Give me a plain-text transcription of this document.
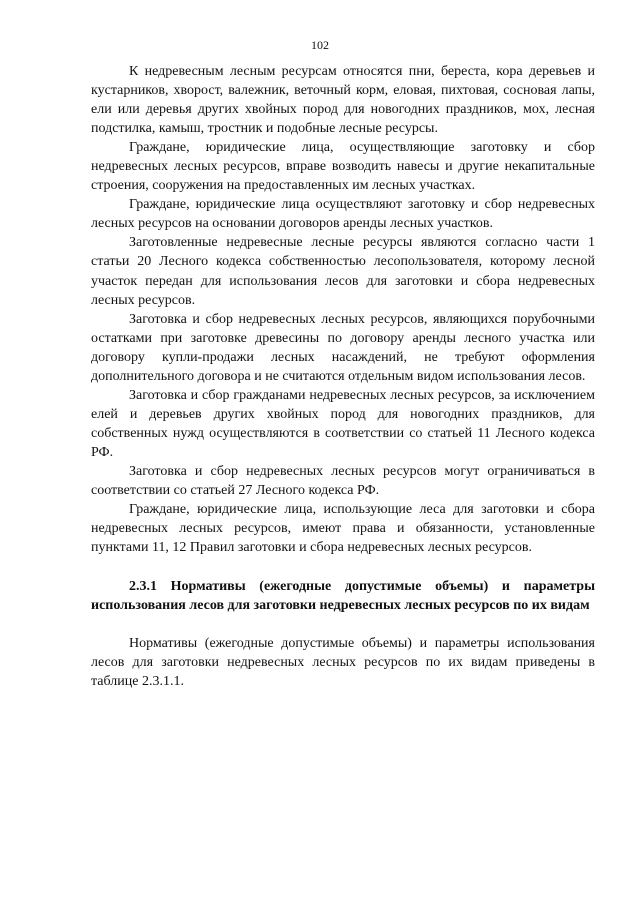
102

К недревесным лесным ресурсам относятся пни, береста, кора деревьев и кустарников, хворост, валежник, веточный корм, еловая, пихтовая, сосновая лапы, ели или деревья других хвойных пород для новогодних праздников, мох, лесная подстилка, камыш, тростник и подобные лесные ресурсы.

Граждане, юридические лица, осуществляющие заготовку и сбор недревесных лесных ресурсов, вправе возводить навесы и другие некапитальные строения, сооружения на предоставленных им лесных участках.

Граждане, юридические лица осуществляют заготовку и сбор недревесных лесных ресурсов на основании договоров аренды лесных участков.

Заготовленные недревесные лесные ресурсы являются согласно части 1 статьи 20 Лесного кодекса собственностью лесопользователя, которому лесной участок передан для использования лесов для заготовки и сбора недревесных лесных ресурсов.

Заготовка и сбор недревесных лесных ресурсов, являющихся порубочными остатками при заготовке древесины по договору аренды лесного участка или договору купли-продажи лесных насаждений, не требуют оформления дополнительного договора и не считаются отдельным видом использования лесов.

Заготовка и сбор гражданами недревесных лесных ресурсов, за исключением елей и деревьев других хвойных пород для новогодних праздников, для собственных нужд осуществляются в соответствии со статьей 11 Лесного кодекса РФ.

Заготовка и сбор недревесных лесных ресурсов могут ограничиваться в соответствии со статьей 27 Лесного кодекса РФ.

Граждане, юридические лица, использующие леса для заготовки и сбора недревесных лесных ресурсов, имеют права и обязанности, установленные пунктами 11, 12 Правил заготовки и сбора недревесных лесных ресурсов.

2.3.1 Нормативы (ежегодные допустимые объемы) и параметры использования лесов для заготовки недревесных лесных ресурсов по их видам

Нормативы (ежегодные допустимые объемы) и параметры использования лесов для заготовки недревесных лесных ресурсов по их видам приведены в таблице 2.3.1.1.
